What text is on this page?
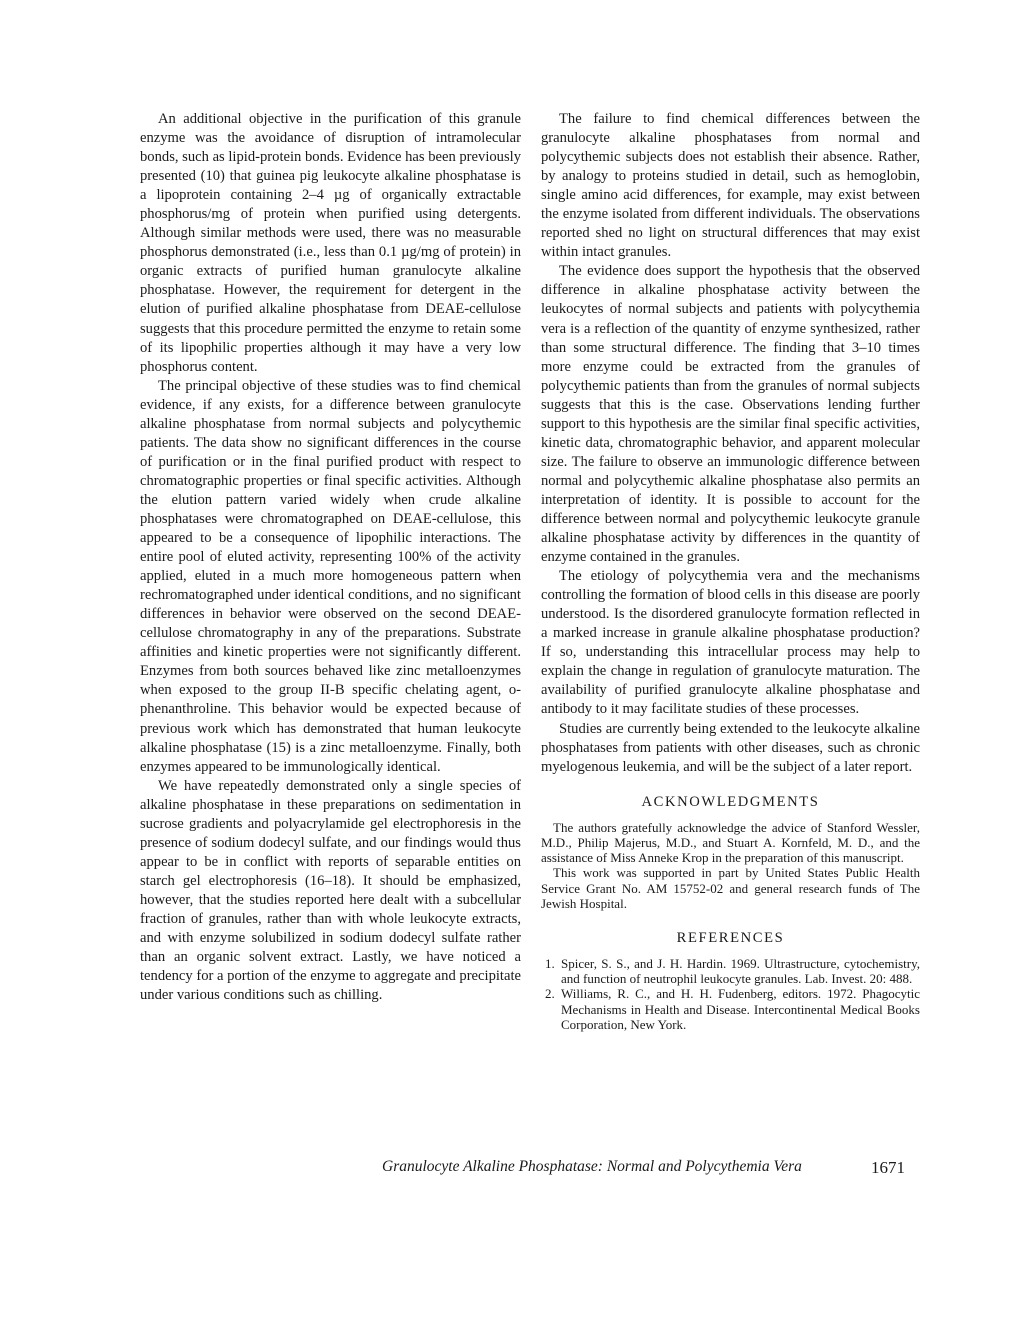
An additional objective in the purification of this granule enzyme was the avoidance of disruption of intramolecular bonds, such as lipid-protein bonds. Evidence has been previously presented (10) that guinea pig leukocyte alkaline phosphatase is a lipoprotein containing 2–4 µg of organically extractable phosphorus/mg of protein when purified using detergents. Although similar methods were used, there was no measurable phosphorus demonstrated (i.e., less than 0.1 µg/mg of protein) in organic extracts of purified human granulocyte alkaline phosphatase. However, the requirement for detergent in the elution of purified alkaline phosphatase from DEAE-cellulose suggests that this procedure permitted the enzyme to retain some of its lipophilic properties although it may have a very low phosphorus content.

The principal objective of these studies was to find chemical evidence, if any exists, for a difference between granulocyte alkaline phosphatase from normal subjects and polycythemic patients. The data show no significant differences in the course of purification or in the final purified product with respect to chromatographic properties or final specific activities. Although the elution pattern varied widely when crude alkaline phosphatases were chromatographed on DEAE-cellulose, this appeared to be a consequence of lipophilic interactions. The entire pool of eluted activity, representing 100% of the activity applied, eluted in a much more homogeneous pattern when rechromatographed under identical conditions, and no significant differences in behavior were observed on the second DEAE-cellulose chromatography in any of the preparations. Substrate affinities and kinetic properties were not significantly different. Enzymes from both sources behaved like zinc metalloenzymes when exposed to the group II-B specific chelating agent, o-phenanthroline. This behavior would be expected because of previous work which has demonstrated that human leukocyte alkaline phosphatase (15) is a zinc metalloenzyme. Finally, both enzymes appeared to be immunologically identical.

We have repeatedly demonstrated only a single species of alkaline phosphatase in these preparations on sedimentation in sucrose gradients and polyacrylamide gel electrophoresis in the presence of sodium dodecyl sulfate, and our findings would thus appear to be in conflict with reports of separable entities on starch gel electrophoresis (16–18). It should be emphasized, however, that the studies reported here dealt with a subcellular fraction of granules, rather than with whole leukocyte extracts, and with enzyme solubilized in sodium dodecyl sulfate rather than an organic solvent extract. Lastly, we have noticed a tendency for a portion of the enzyme to aggregate and precipitate under various conditions such as chilling.

The failure to find chemical differences between the granulocyte alkaline phosphatases from normal and polycythemic subjects does not establish their absence. Rather, by analogy to proteins studied in detail, such as hemoglobin, single amino acid differences, for example, may exist between the enzyme isolated from different individuals. The observations reported shed no light on structural differences that may exist within intact granules.

The evidence does support the hypothesis that the observed difference in alkaline phosphatase activity between the leukocytes of normal subjects and patients with polycythemia vera is a reflection of the quantity of enzyme synthesized, rather than some structural difference. The finding that 3–10 times more enzyme could be extracted from the granules of polycythemic patients than from the granules of normal subjects suggests that this is the case. Observations lending further support to this hypothesis are the similar final specific activities, kinetic data, chromatographic behavior, and apparent molecular size. The failure to observe an immunologic difference between normal and polycythemic alkaline phosphatase also permits an interpretation of identity. It is possible to account for the difference between normal and polycythemic leukocyte granule alkaline phosphatase activity by differences in the quantity of enzyme contained in the granules.

The etiology of polycythemia vera and the mechanisms controlling the formation of blood cells in this disease are poorly understood. Is the disordered granulocyte formation reflected in a marked increase in granule alkaline phosphatase production? If so, understanding this intracellular process may help to explain the change in regulation of granulocyte maturation. The availability of purified granulocyte alkaline phosphatase and antibody to it may facilitate studies of these processes.

Studies are currently being extended to the leukocyte alkaline phosphatases from patients with other diseases, such as chronic myelogenous leukemia, and will be the subject of a later report.

ACKNOWLEDGMENTS

The authors gratefully acknowledge the advice of Stanford Wessler, M.D., Philip Majerus, M.D., and Stuart A. Kornfeld, M. D., and the assistance of Miss Anneke Krop in the preparation of this manuscript.

This work was supported in part by United States Public Health Service Grant No. AM 15752-02 and general research funds of The Jewish Hospital.

REFERENCES
1. Spicer, S. S., and J. H. Hardin. 1969. Ultrastructure, cytochemistry, and function of neutrophil leukocyte granules. Lab. Invest. 20: 488.
2. Williams, R. C., and H. H. Fudenberg, editors. 1972. Phagocytic Mechanisms in Health and Disease. Intercontinental Medical Books Corporation, New York.
Granulocyte Alkaline Phosphatase: Normal and Polycythemia Vera	1671
